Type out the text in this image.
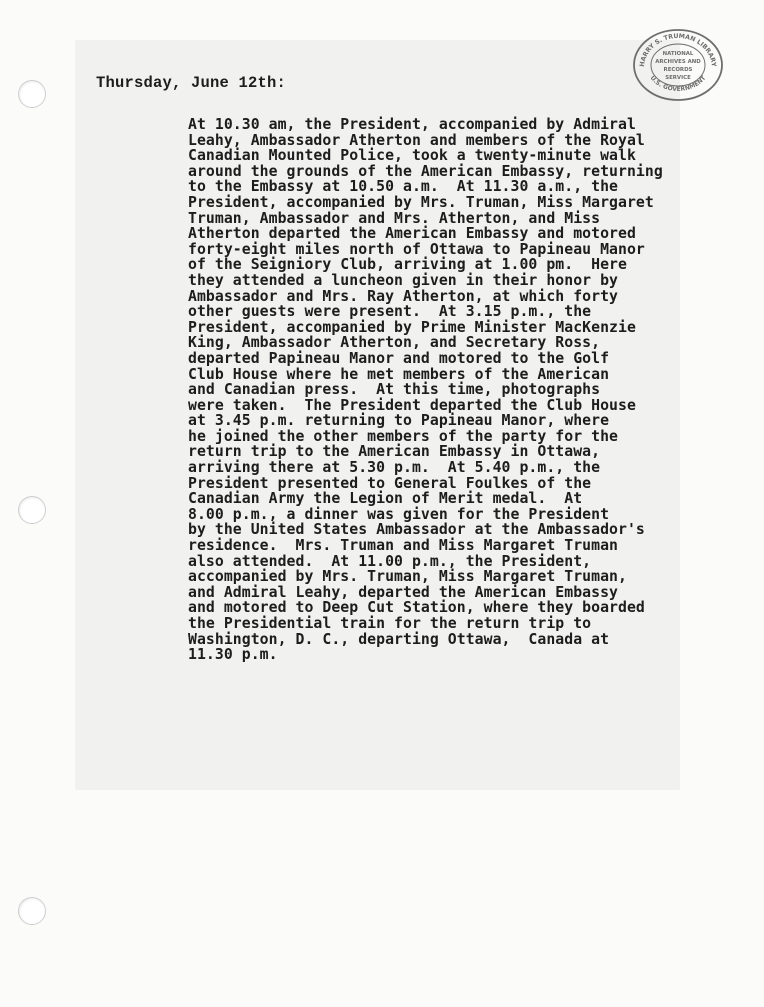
HARRY S. TRUMAN LIBRARY
U.S. GOVERNMENT
NATIONAL
ARCHIVES AND
RECORDS
SERVICE
Thursday, June 12th:
At 10.30 am, the President, accompanied by Admiral
Leahy, Ambassador Atherton and members of the Royal
Canadian Mounted Police, took a twenty-minute walk
around the grounds of the American Embassy, returning
to the Embassy at 10.50 a.m.  At 11.30 a.m., the
President, accompanied by Mrs. Truman, Miss Margaret
Truman, Ambassador and Mrs. Atherton, and Miss
Atherton departed the American Embassy and motored
forty-eight miles north of Ottawa to Papineau Manor
of the Seigniory Club, arriving at 1.00 pm.  Here
they attended a luncheon given in their honor by
Ambassador and Mrs. Ray Atherton, at which forty
other guests were present.  At 3.15 p.m., the
President, accompanied by Prime Minister MacKenzie
King, Ambassador Atherton, and Secretary Ross,
departed Papineau Manor and motored to the Golf
Club House where he met members of the American
and Canadian press.  At this time, photographs
were taken.  The President departed the Club House
at 3.45 p.m. returning to Papineau Manor, where
he joined the other members of the party for the
return trip to the American Embassy in Ottawa,
arriving there at 5.30 p.m.  At 5.40 p.m., the
President presented to General Foulkes of the
Canadian Army the Legion of Merit medal.  At
8.00 p.m., a dinner was given for the President
by the United States Ambassador at the Ambassador's
residence.  Mrs. Truman and Miss Margaret Truman
also attended.  At 11.00 p.m., the President,
accompanied by Mrs. Truman, Miss Margaret Truman,
and Admiral Leahy, departed the American Embassy
and motored to Deep Cut Station, where they boarded
the Presidential train for the return trip to
Washington, D. C., departing Ottawa,  Canada at
11.30 p.m.
